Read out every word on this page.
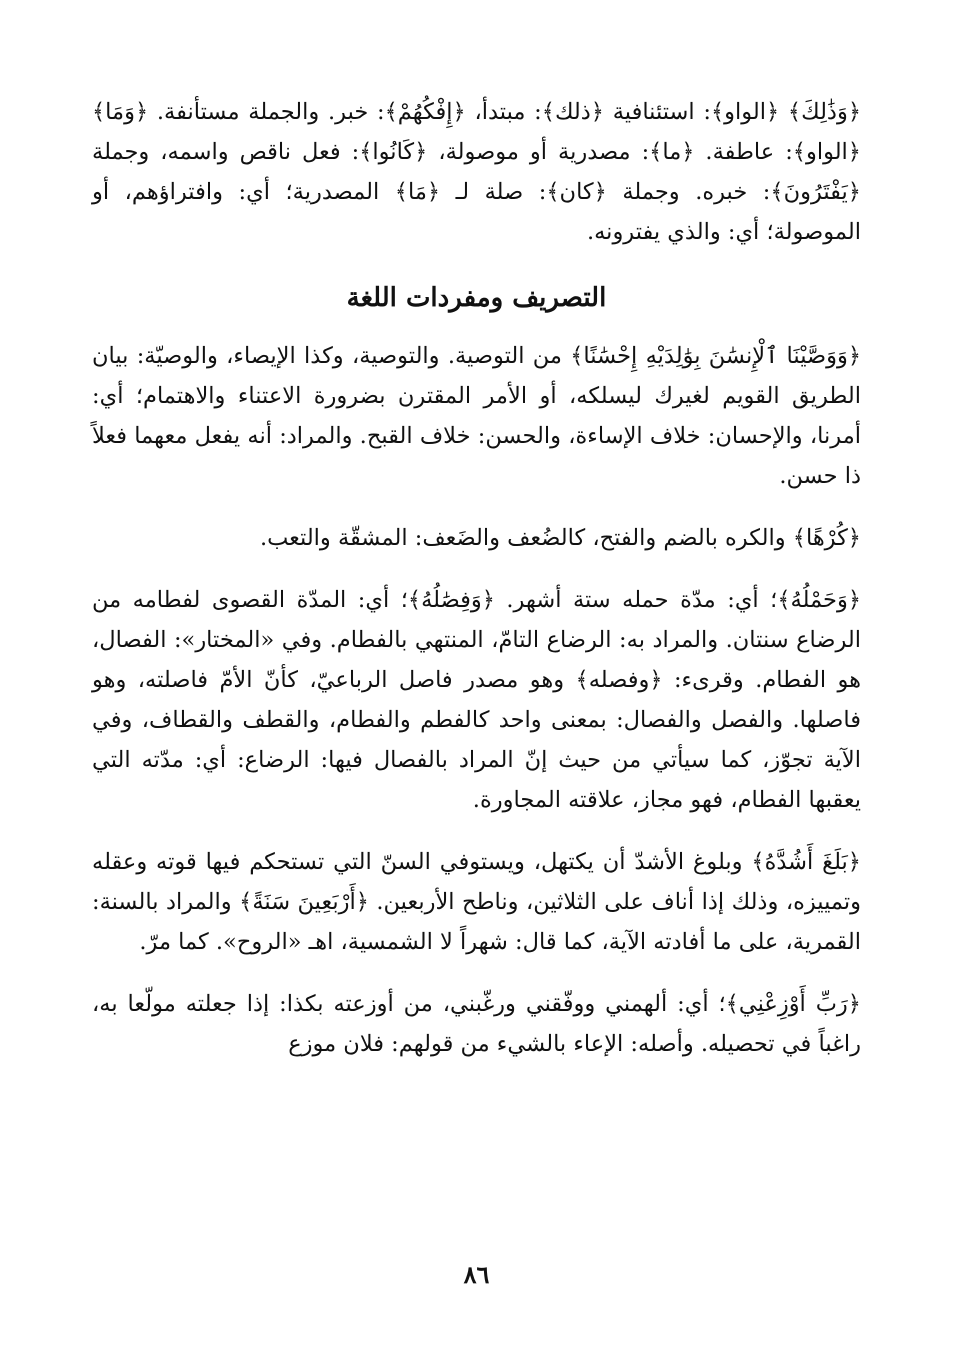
﴿وَذَٰلِكَ﴾ ﴿الواو﴾: استئنافية ﴿ذلك﴾: مبتدأ، ﴿إِفْكُهُمْ﴾: خبر. والجملة مستأنفة. ﴿وَمَا﴾ ﴿الواو﴾: عاطفة. ﴿ما﴾: مصدرية أو موصولة، ﴿كَانُوا﴾: فعل ناقص واسمه، وجملة ﴿يَفْتَرُونَ﴾: خبره. وجملة ﴿كان﴾: صلة لـ ﴿مَا﴾ المصدرية؛ أي: وافتراؤهم، أو الموصولة؛ أي: والذي يفترونه.

التصريف ومفردات اللغة

﴿وَوَصَّيْنَا ٱلْإِنسَٰنَ بِوَٰلِدَيْهِ إِحْسَٰنًا﴾ من التوصية. والتوصية، وكذا الإيصاء، والوصيّة: بيان الطريق القويم لغيرك ليسلكه، أو الأمر المقترن بضرورة الاعتناء والاهتمام؛ أي: أمرنا، والإحسان: خلاف الإساءة، والحسن: خلاف القبح. والمراد: أنه يفعل معهما فعلاً ذا حسن.

﴿كُرْهًا﴾ والكره بالضم والفتح، كالضُعف والضَعف: المشقّة والتعب.

﴿وَحَمْلُهُ﴾؛ أي: مدّة حمله ستة أشهر. ﴿وَفِصَٰلُهُ﴾؛ أي: المدّة القصوى لفطامه من الرضاع سنتان. والمراد به: الرضاع التامّ، المنتهي بالفطام. وفي «المختار»: الفصال، هو الفطام. وقرىء: ﴿وفصله﴾ وهو مصدر فاصل الرباعيّ، كأنّ الأمّ فاصلته، وهو فاصلها. والفصل والفصال: بمعنى واحد كالفطم والفطام، والقطف والقطاف، وفي الآية تجوّز، كما سيأتي من حيث إنّ المراد بالفصال فيها: الرضاع: أي: مدّته التي يعقبها الفطام، فهو مجاز، علاقته المجاورة.

﴿بَلَغَ أَشُدَّهُ﴾ وبلوغ الأشدّ أن يكتهل، ويستوفي السنّ التي تستحكم فيها قوته وعقله وتمييزه، وذلك إذا أناف على الثلاثين، وناطح الأربعين. ﴿أَرْبَعِينَ سَنَةً﴾ والمراد بالسنة: القمرية، على ما أفادته الآية، كما قال: شهراً لا الشمسية، اهـ «الروح». كما مرّ.

﴿رَبِّ أَوْزِعْنِي﴾؛ أي: ألهمني ووفّقني ورغّبني، من أوزعته بكذا: إذا جعلته مولّعا به، راغباً في تحصيله. وأصله: الإعاء بالشيء من قولهم: فلان موزع

٨٦
